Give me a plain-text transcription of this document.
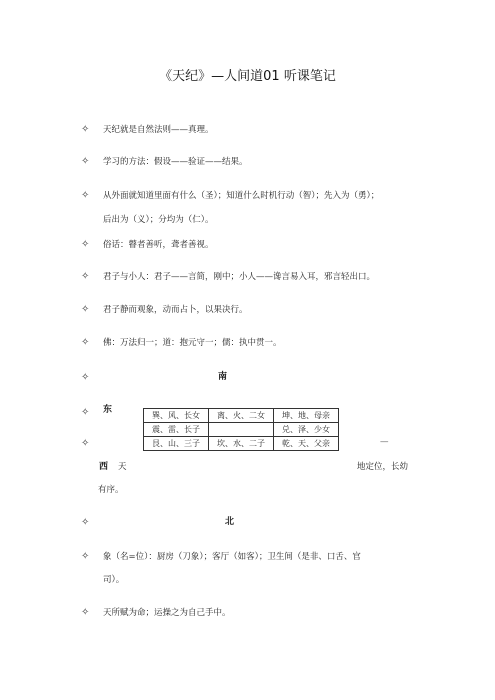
《天纪》—人间道01 听课笔记
✧ 天纪就是自然法则——真理。
✧ 学习的方法：假设——验证——结果。
✧ 从外面就知道里面有什么（圣）；知道什么时机行动（智）；先入为（勇）；
后出为（义）；分均为（仁）。
✧ 俗话：瞽者善听，聋者善视。
✧ 君子与小人：君子——言简，刚中；小人——谗言易入耳，邪言轻出口。
✧ 君子静而观象，动而占卜，以果决行。
✧ 佛：万法归一；道：抱元守一；儒：执中贯一。
✧	南
✧ 东
✧
巽、风、长女	离、火、二女	坤、地、母亲
震、雷、长子		兑、泽、少女
艮、山、三子	坎、水、二子	乾、天、父亲	—
西 天	地定位，长幼
有序。
✧	北
✧ 象（名=位）：厨房（刀象）；客厅（如客）；卫生间（是非、口舌、官
司）。
✧ 天所赋为命；运操之为自己手中。
